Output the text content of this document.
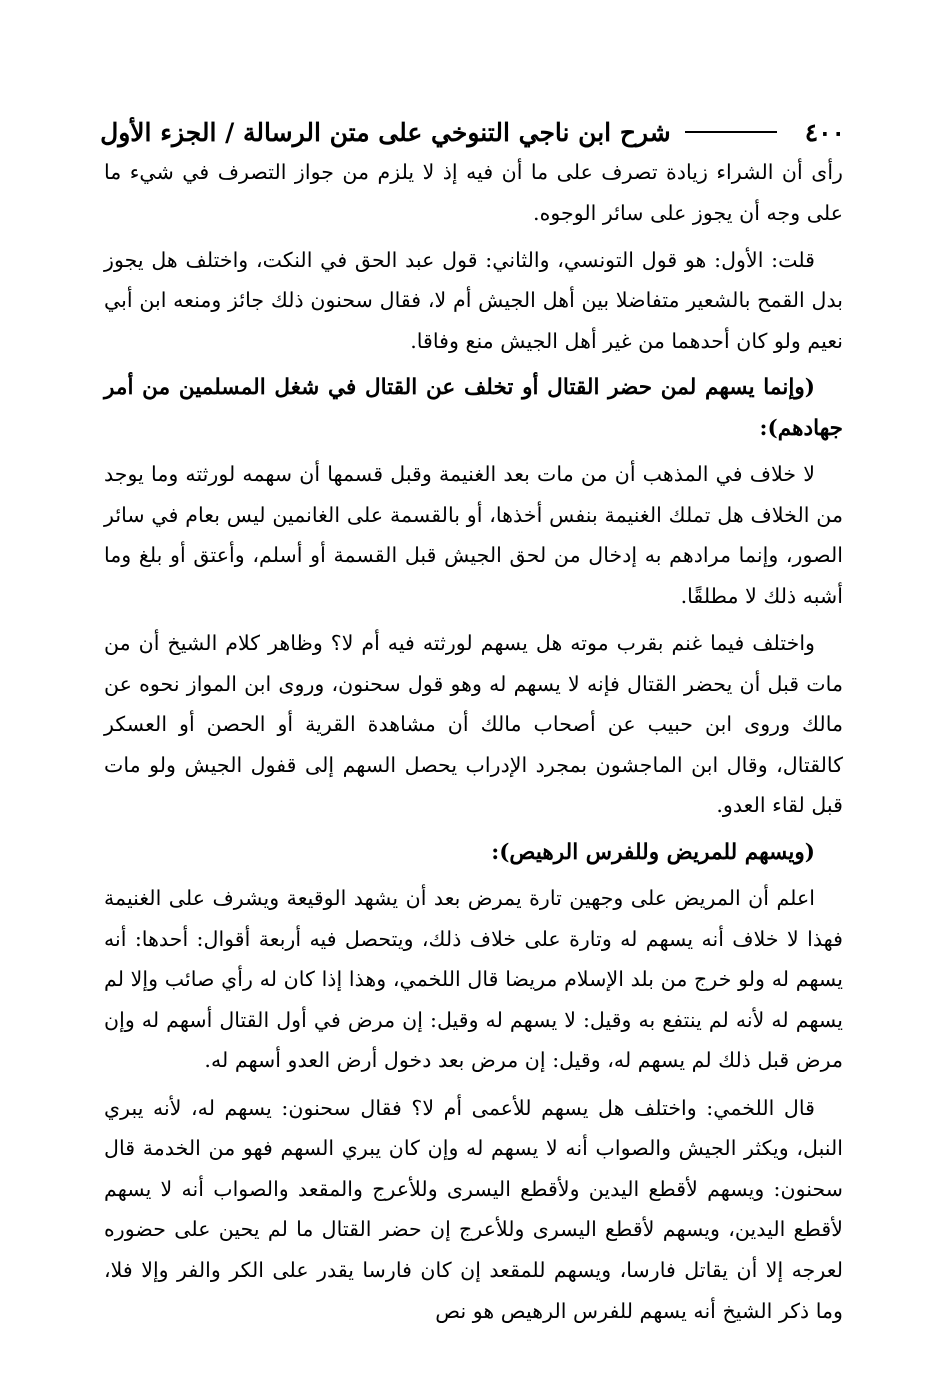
٤٠٠
شرح ابن ناجي التنوخي على متن الرسالة / الجزء الأول

رأى أن الشراء زيادة تصرف على ما أن فيه إذ لا يلزم من جواز التصرف في شيء ما على وجه أن يجوز على سائر الوجوه.

قلت: الأول: هو قول التونسي، والثاني: قول عبد الحق في النكت، واختلف هل يجوز بدل القمح بالشعير متفاضلا بين أهل الجيش أم لا، فقال سحنون ذلك جائز ومنعه ابن أبي نعيم ولو كان أحدهما من غير أهل الجيش منع وفاقا.

(وإنما يسهم لمن حضر القتال أو تخلف عن القتال في شغل المسلمين من أمر جهادهم):

لا خلاف في المذهب أن من مات بعد الغنيمة وقبل قسمها أن سهمه لورثته وما يوجد من الخلاف هل تملك الغنيمة بنفس أخذها، أو بالقسمة على الغانمين ليس بعام في سائر الصور، وإنما مرادهم به إدخال من لحق الجيش قبل القسمة أو أسلم، وأعتق أو بلغ وما أشبه ذلك لا مطلقًا.

واختلف فيما غنم بقرب موته هل يسهم لورثته فيه أم لا؟ وظاهر كلام الشيخ أن من مات قبل أن يحضر القتال فإنه لا يسهم له وهو قول سحنون، وروى ابن المواز نحوه عن مالك وروى ابن حبيب عن أصحاب مالك أن مشاهدة القرية أو الحصن أو العسكر كالقتال، وقال ابن الماجشون بمجرد الإدراب يحصل السهم إلى قفول الجيش ولو مات قبل لقاء العدو.

(ويسهم للمريض وللفرس الرهيص):

اعلم أن المريض على وجهين تارة يمرض بعد أن يشهد الوقيعة ويشرف على الغنيمة فهذا لا خلاف أنه يسهم له وتارة على خلاف ذلك، ويتحصل فيه أربعة أقوال: أحدها: أنه يسهم له ولو خرج من بلد الإسلام مريضا قال اللخمي، وهذا إذا كان له رأي صائب وإلا لم يسهم له لأنه لم ينتفع به وقيل: لا يسهم له وقيل: إن مرض في أول القتال أسهم له وإن مرض قبل ذلك لم يسهم له، وقيل: إن مرض بعد دخول أرض العدو أسهم له.

قال اللخمي: واختلف هل يسهم للأعمى أم لا؟ فقال سحنون: يسهم له، لأنه يبري النبل، ويكثر الجيش والصواب أنه لا يسهم له وإن كان يبري السهم فهو من الخدمة قال سحنون: ويسهم لأقطع اليدين ولأقطع اليسرى وللأعرج والمقعد والصواب أنه لا يسهم لأقطع اليدين، ويسهم لأقطع اليسرى وللأعرج إن حضر القتال ما لم يحين على حضوره لعرجه إلا أن يقاتل فارسا، ويسهم للمقعد إن كان فارسا يقدر على الكر والفر وإلا فلا، وما ذكر الشيخ أنه يسهم للفرس الرهيص هو نص
